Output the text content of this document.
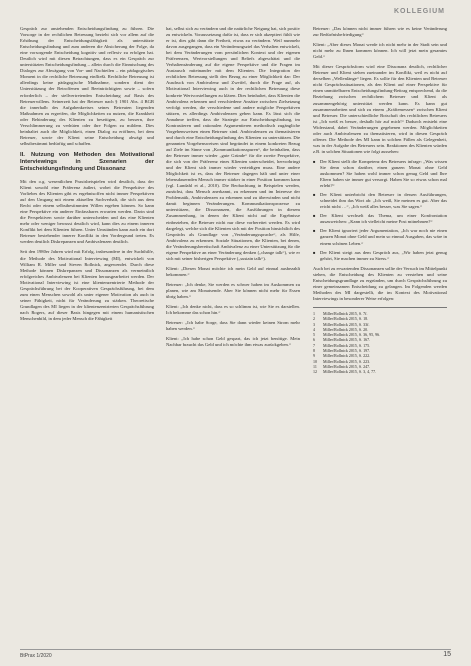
KOLLEGIUM

Gespräch zur anstehenden Entscheidungsfindung zu führen. Die Vorsorge in der rechtlichen Betreuung bezieht sich vor allem auf die Erhöhung der Entscheidungsfähigkeit als unterstützte Entscheidungsfindung und zum anderen die Absicherung der Folge, da eine vorsorgende Entscheidung kognitiv und reflexiv zu erfolgen hat. Deutlich wird mit diesen Betrachtungen, dass es ein Gespräch zur unterstützten Entscheidungsfindung – allein durch die Einmischung des Dialoges zur Abwägung von Vor- und Nachteilen – ein pädagogisches Moment in die rechtliche Betreuung einfließt. Rechtliche Betreuung ist allerdings keine pädagogische Maßnahme, sondern dient der Unterstützung der Betroffenen und Beeinträchtigten sowie – sofern erforderlich – der stellvertretenden Entscheidung auf Basis des Betreuerwillens. Seinerzeit hat der Betreuer nach § 1901 Abs. 4 BGB die innerhalb des Aufgabenkreises seines Betreuten liegenden Maßnahmen zu ergreifen, die Möglichkeiten zu nutzen, die Krankheit oder Behinderung des Klienten zu beseitigen, zu bessern, ihre Verschlimmerung zu verhüten oder ihre Folgen zu mildern. Dies beinhaltet auch die Möglichkeit, einen Dialog zu eröffnen, bei dem Betreuer, sowie der Klient seine Entscheidung abwägt und selbstbestimmt bedürftig und schaffen.

II. Nutzung von Methoden des Motivational Interviewings in Szenarien der Entscheidungsfindung und Dissonanz

Mit den o.g. wesentlichen Praxisbeispielen wird deutlich, dass der Klient sowohl eine Präferenz äußert, wobei die Perspektive des Vorliebes des Klienten gibt es ergebnisoffen nicht immer Perspektiven auf den Umgang mit einem aktuellen Sachverhalt, die sich aus dem Recht oder einem selbstbestimmten Willen ergeben können. So kann eine Perspektive ein anderer Einfassbares erwarten werden. Darin sind die Perspektiven sowie darüber unterscheiden und das eine Klienten mehr oder weniger bewusst deutlich wird, kann dies zu einem inneren Konflikt bei dem Klienten führen. Unter Umständen kann auch ein dort Betreuer bestehender innerer Konflikt in den Vordergrund treten. Es werden deutlich Diskrepanzen und Ambivalenzen deutlich.

Seit den 1980er Jahren wird mit Erfolg, insbesondere in der Suchthilfe, die Methode des Motivational Interviewing (MI), entwickelt von William R. Miller und Steven Rollnick, angewendet. Durch diese Methode können Diskrepanzen und Dissonanzen als vermeintlich erfolgreiches Ambivalenzen bei Klienten herausgearbeitet werden. Der Motivational Interviewing ist eine klientenzentrierte Methode der Gesprächsführung bei der Kooperativen Gesprächsführung, bei dem zum einen Menschen sowohl als unter eigener Motivation als auch in seiner Fähigkeit, nicht für Veränderung zu stärken. Theoretische Grundlagen des MI liegen in der klientenzentrierten Gesprächsführung nach Rogers, auf dieser Basis hingegen mit einem humanistischen Menschenbild, in dem jeder Mensch die Fähigkeit

hat, selbst sich zu verändern und die natürliche Neigung hat, sich positiv zu entwickeln. Voraussetzung dafür ist, dass er sich akzeptiert fühlt wie er ist, dies gibt dann die Freiheit, etwas zu verändern. Weil nunmehr davon ausgegangen, dass ein Veränderungsziel das Verhalten entwickelt, bei dem Veränderungen vom persönlichen Kontext und der eigenen Präferenzen, Wertvorstellungen und Beliefs abgeschätzt und die Verhaltensänderung auf die eigene Perspektive und die Fragen im Austausch miteinander mit dem Klienten. Die Integration der rechtlichen Betreuung stellt den Bezug zu einer Möglichkeit dar: Der Ausdruck von Ambivalenz und Zweifel, durch die Frage auf, als Motivational Interviewing auch in der rechtlichen Betreuung diese konkrete Wertvorstellungen zu klären. Dies beinhaltet, dass Klienten die Ambivalenz erkennen und verschiedene Ansätze zwischen Zielsetzung verfolgt werden, die verschiedene und andere mögliche Perspektiven stützen, es allerdings Ambivalenzen geben kann. Es lässt sich die Annahme treffen, dass die Strategie zur Entscheidungsfindung, im Kontrastieren und rationalen Argumentieren methodisch zugängliche Vorgehensweisen einen Betreuer sind. Ambivalenzen zu thematisieren und durch eine Entscheidungsfindung des Klienten zu unterstützen. Die genannten Vorgehensweisen sind begründet in einem konkreten Bezug auf Ziele im Sinne von „Kommunikationsspuren“, die beinhalten, dass der Betreuer immer wieder „gute Gründe“ für die zweite Perspektive, die sich von der Präferenz eines Klienten unterscheidet, hervorbringt und der Klient sich immer wieder verteidigen muss. Eine andere Möglichkeit ist es, dass der Betreuer dagegen hält und unter einer lebensdauernden Mensch immer stärker in einer Position kommen kann (vgl. Lundahl et al., 2010). Die Beobachtung in Beispielen werden, zunächst, dass Mensch anerkannt, zu erkennen und im Interesse der Problematik, Ambivalenzen zu erkennen und zu überwinden und nicht damit beginnen Veränderungen. Kommunikationsprozesse zu unterstützen, die Dissonanzen, die Ausführungen in diesem Zusammenhang, in denen der Klient nicht auf die Ergebnisse einbeziehen, die Betreuer nicht nur diese vorbereitet werden. Es wird dargelegt, welche sich die Klienten sich mit der Position hinsichtlich des Gesprächs als Grundlage von „Veränderungssprache“, als Hilfe, Ambivalenz zu erkennen. Soziale Situationen, die Klienten, bei denen, die Veränderungsbereitschaft Ambivalenz zu einer Unterstützung für die eigene Perspektive an einer Veränderung denken („change talk“), wie er sich mit seiner bisherigen Perspektive („sustain talk“).

Klient: „Diesen Monat möchte ich mein Geld auf einmal ausbezahlt bekommen.“

Betreuer: „Ich denke, Sie werden es schwer haben im Auskommen zu planen, wie am Monatsende. Aber Sie können nicht mehr für Essen übrig haben.“

Klient: „Ich denke nicht, dass es so schlimm ist, wie Sie es darstellen. Ich bekomme das schon hin.“

Betreuer: „Ich habe Sorge, dass Sie dann wieder keinen Strom mehr haben werden.“

Klient: „Ich habe schon Geld gespart, das ich jetzt benötige. Mein Nachbar braucht das Geld und ich möchte ihm etwas zurückgeben.“

Betreuer: „Das können nicht immer führen wie es keine Veränderung zur Bedürfnisbefriedigung“

Klient: „Aber dieses Monat werde ich nicht mehr in der Stadt sein und nicht mehr zu Ihnen kommen können. Ich will jetzt mein gesamtes Geld.“

Mit dieser Gesprächsform wird eine Dissonanz deutlich, rechtlicher Betreuer und Klient stehen zueinander im Konflikt, weil es nicht auf derselben „Wellenlänge“ liegen. Es sollte für den Klienten und Betreuer nicht Gesprächssituationen, als den Klient auf einer Perspektive für einen unmittelbaren Entscheidungsfindung-Beitrag entsprechend, da die Beziehung zwischen rechtlichem Betreuer und Klient als zusammengehörig unterstützt werden kann. Es kann gut zusammenarbeiten und sich zu einem „Kräftemessen“ zwischen Klient und Betreuer. Die unterschiedliche Botschaft des rechtlichen Betreuers ist „Ich weiß es besser, deshalb hör auf mich!“ Dadurch entsteht eine Widerstand, dabei Veränderungen gegebenen werden. Möglichkeiten oder auch Ambivalenzen zu thematisieren, wird in diesen Gespräch offener. Die Methode des MI kann in solchen Fällen als Gelegenheit, was in der Aufgabe des Betreuers sein. Reaktionen des Klienten würden z.B. in solchen Situationen wie folgt aussehen:

■ Der Klient stellt die Kompetenz des Betreuers infrage: „Was wissen Sie denn schon darüber, einen ganzen Monat ohne Geld auskommen? Sie haben wohl immer schon genug Geld und Ihre Eltern haben sie immer gut versorgt. Haben Sie so etwas schon mal erlebt?“
■ Der Klient unterbricht den Betreuer in dessen Ausführungen, schneidet ihm das Wort ab: „Ich weiß, Sie meinen es gut. Aber das reicht nicht …“, „Ich weiß alles besser, was Sie sagen.“
■ Der Klient wechselt das Thema, um einer Konfrontation auszuweichen: „Kann ich vielleicht meine Post mitnehmen?“
■ Der Klient ignoriert jeder Argumentation, „Ich war noch nie einen ganzen Monat ohne Geld und mein so einmal Ausgaben, das wäre in einem schönen Leben.“
■ Der Klient steigt aus dem Gespräch aus, „Wir haben jetzt genug gehört, Sie machen immer zu Stress.“

Auch bei zu erwartenden Dissonanzen sollte der Versuch im Mittelpunkt stehen, die Entscheidung des Klienten zu verstehen und seine Entscheidungsgrundlage zu ergründen, um durch Gesprächsführung zu einer gemeinsamen Entscheidung zu gelangen. Im Folgenden werden Methoden des MI dargestellt, die im Kontext des Motivational Interviewings in besonderer Weise erfolgen:

1 Miller/Rollnick 2015, S. 7f.
2 Miller/Rollnick 2015, S. 18.
3 Miller/Rollnick 2015, S. 33f.
4 Miller/Rollnick 2015, S. 20.
5 Miller/Rollnick 2015, S. 36, 95, 96.
6 Miller/Rollnick 2015, S. 167.
7 Miller/Rollnick 2015, S. 175.
8 Miller/Rollnick 2015, S. 197.
9 Miller/Rollnick 2015, S. 222.
10 Miller/Rollnick 2015, S. 223.
11 Miller/Rollnick 2015, S. 247.
12 Miller/Rollnick 2015, S. 3, 4, 77.
BtPrax 1/2020	15
